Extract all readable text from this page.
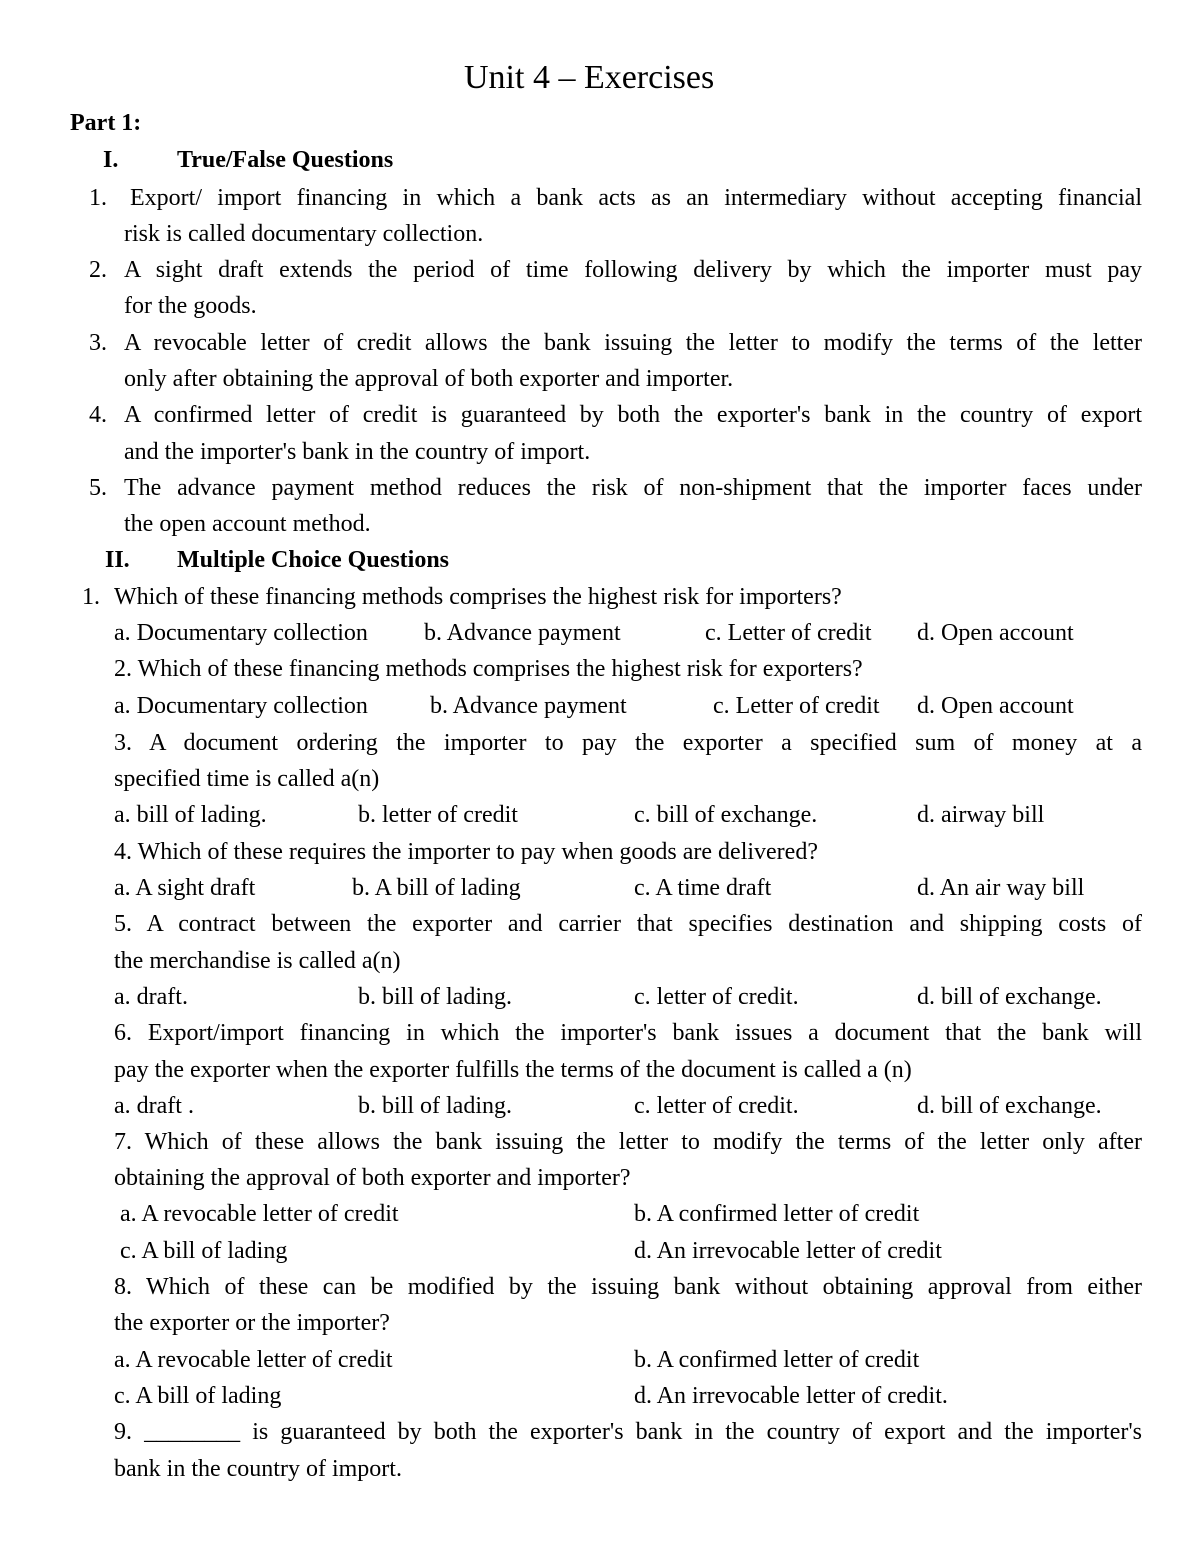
Unit 4 – Exercises
Part 1:
I. True/False Questions
1. Export/ import financing in which a bank acts as an intermediary without accepting financial
risk is called documentary collection.
2. A sight draft extends the period of time following delivery by which the importer must pay
for the goods.
3. A revocable letter of credit allows the bank issuing the letter to modify the terms of the letter
only after obtaining the approval of both exporter and importer.
4. A confirmed letter of credit is guaranteed by both the exporter's bank in the country of export
and the importer's bank in the country of import.
5. The advance payment method reduces the risk of non-shipment that the importer faces under
the open account method.
II. Multiple Choice Questions
1. Which of these financing methods comprises the highest risk for importers?
a. Documentary collection b. Advance payment	c. Letter of credit d. Open account
2. Which of these financing methods comprises the highest risk for exporters?
a. Documentary collection	b. Advance payment	c. Letter of credit d. Open account
3. A document ordering the importer to pay the exporter a specified sum of money at a
specified time is called a(n)
a. bill of lading.	b. letter of credit	c. bill of exchange.	d. airway bill
4. Which of these requires the importer to pay when goods are delivered?
a. A sight draft	b. A bill of lading	c. A time draft	d. An air way bill
5. A contract between the exporter and carrier that specifies destination and shipping costs of
the merchandise is called a(n)
a. draft.	b. bill of lading.	c. letter of credit.	d. bill of exchange.
6. Export/import financing in which the importer's bank issues a document that the bank will
pay the exporter when the exporter fulfills the terms of the document is called a (n)
a. draft .	b. bill of lading.	c. letter of credit.	d. bill of exchange.
7. Which of these allows the bank issuing the letter to modify the terms of the letter only after
obtaining the approval of both exporter and importer?
a. A revocable letter of credit	b. A confirmed letter of credit
c. A bill of lading	d. An irrevocable letter of credit
8. Which of these can be modified by the issuing bank without obtaining approval from either
the exporter or the importer?
a. A revocable letter of credit	b. A confirmed letter of credit
c. A bill of lading	d. An irrevocable letter of credit.
9. ________ is guaranteed by both the exporter's bank in the country of export and the importer's
bank in the country of import.
